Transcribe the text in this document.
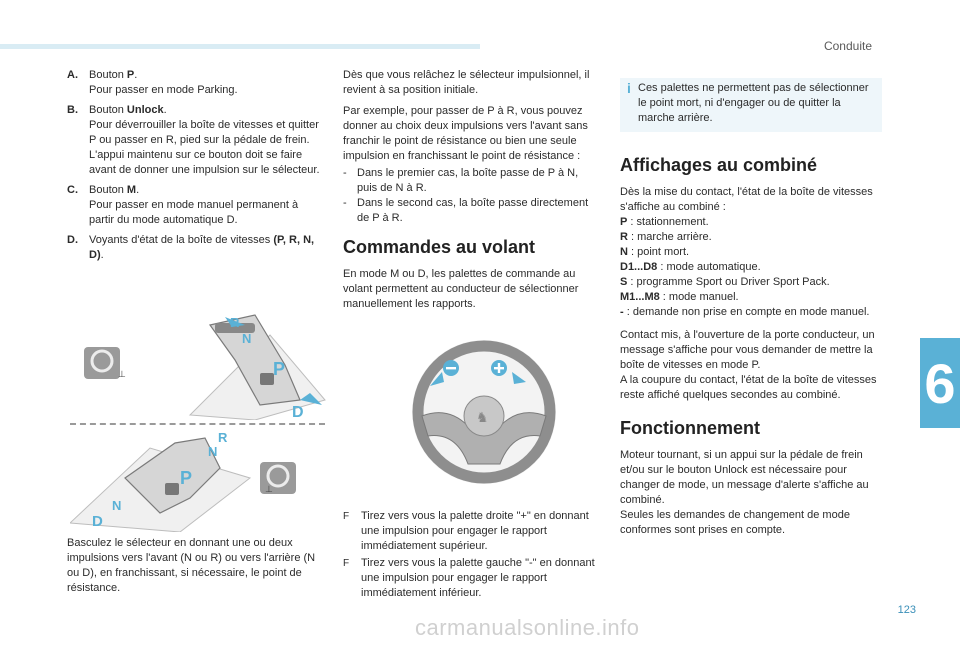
Conduite
6
A.	Bouton P.
Pour passer en mode Parking.
B.	Bouton Unlock.
Pour déverrouiller la boîte de vitesses et quitter P ou passer en R, pied sur la pédale de frein.
L'appui maintenu sur ce bouton doit se faire avant de donner une impulsion sur le sélecteur.
C.	Bouton M.
Pour passer en mode manuel permanent à partir du mode automatique D.
D.	Voyants d'état de la boîte de vitesses (P, R, N, D).
R
N
P
D
⊥
R
N
P
N
D
⊥
Basculez le sélecteur en donnant une ou deux impulsions vers l'avant (N ou R) ou vers l'arrière (N ou D), en franchissant, si nécessaire, le point de résistance.

Dès que vous relâchez le sélecteur impulsionnel, il revient à sa position initiale.

Par exemple, pour passer de P à R, vous pouvez donner au choix deux impulsions vers l'avant sans franchir le point de résistance ou bien une seule impulsion en franchissant le point de résistance :

- Dans le premier cas, la boîte passe de P à N, puis de N à R.
- Dans le second cas, la boîte passe directement de P à R.
Commandes au volant

En mode M ou D, les palettes de commande au volant permettent au conducteur de sélectionner manuellement les rapports.

♞
F	Tirez vers vous la palette droite "+" en donnant une impulsion pour engager le rapport immédiatement supérieur.
F	Tirez vers vous la palette gauche "-" en donnant une impulsion pour engager le rapport immédiatement inférieur.
i Ces palettes ne permettent pas de sélectionner le point mort, ni d'engager ou de quitter la marche arrière.
Affichages au combiné

Dès la mise du contact, l'état de la boîte de vitesses s'affiche au combiné :

P : stationnement.
R : marche arrière.
N : point mort.
D1...D8 : mode automatique.
S : programme Sport ou Driver Sport Pack.
M1...M8 : mode manuel.
- : demande non prise en compte en mode manuel.

Contact mis, à l'ouverture de la porte conducteur, un message s'affiche pour vous demander de mettre la boîte de vitesses en mode P.

A la coupure du contact, l'état de la boîte de vitesses reste affiché quelques secondes au combiné.

Fonctionnement

Moteur tournant, si un appui sur la pédale de frein et/ou sur le bouton Unlock est nécessaire pour changer de mode, un message d'alerte s'affiche au combiné.

Seules les demandes de changement de mode conformes sont prises en compte.

123
carmanualsonline.info
